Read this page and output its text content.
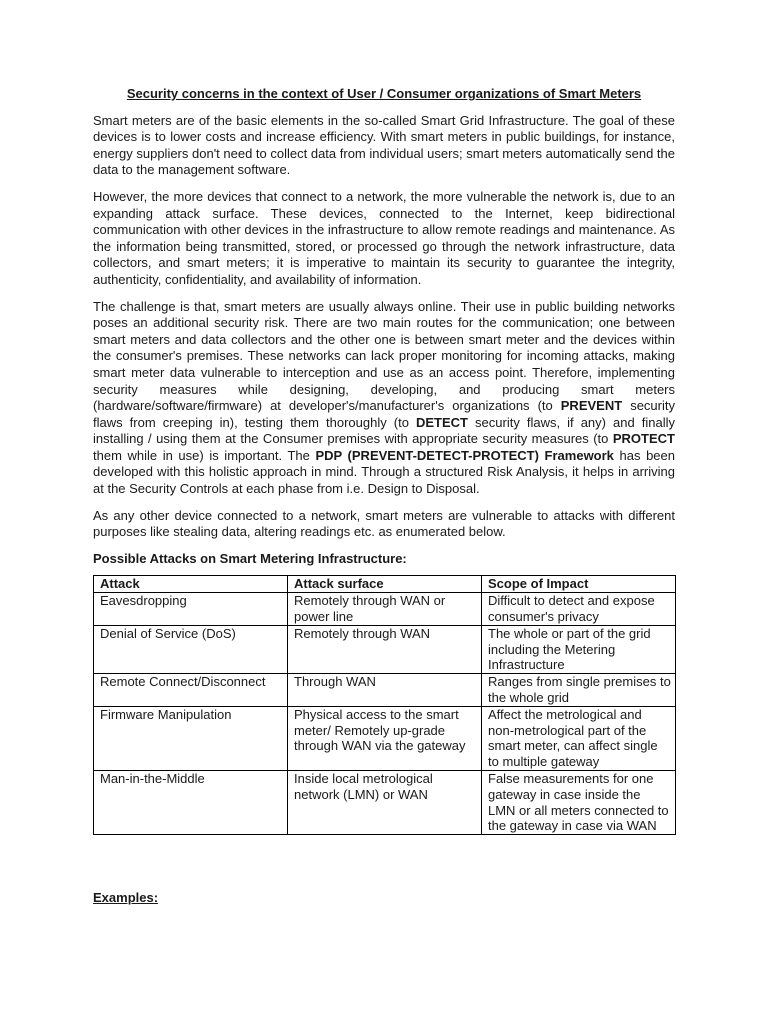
Security concerns in the context of User / Consumer organizations of Smart Meters

Smart meters are of the basic elements in the so-called Smart Grid Infrastructure. The goal of these devices is to lower costs and increase efficiency. With smart meters in public buildings, for instance, energy suppliers don't need to collect data from individual users; smart meters automatically send the data to the management software.

However, the more devices that connect to a network, the more vulnerable the network is, due to an expanding attack surface. These devices, connected to the Internet, keep bidirectional communication with other devices in the infrastructure to allow remote readings and maintenance. As the information being transmitted, stored, or processed go through the network infrastructure, data collectors, and smart meters; it is imperative to maintain its security to guarantee the integrity, authenticity, confidentiality, and availability of information.

The challenge is that, smart meters are usually always online. Their use in public building networks poses an additional security risk. There are two main routes for the communication; one between smart meters and data collectors and the other one is between smart meter and the devices within the consumer's premises. These networks can lack proper monitoring for incoming attacks, making smart meter data vulnerable to interception and use as an access point. Therefore, implementing security measures while designing, developing, and producing smart meters (hardware/software/firmware) at developer's/manufacturer's organizations (to PREVENT security flaws from creeping in), testing them thoroughly (to DETECT security flaws, if any) and finally installing / using them at the Consumer premises with appropriate security measures (to PROTECT them while in use) is important. The PDP (PREVENT-DETECT-PROTECT) Framework has been developed with this holistic approach in mind. Through a structured Risk Analysis, it helps in arriving at the Security Controls at each phase from i.e. Design to Disposal.

As any other device connected to a network, smart meters are vulnerable to attacks with different purposes like stealing data, altering readings etc. as enumerated below.

Possible Attacks on Smart Metering Infrastructure:
Attack	Attack surface	Scope of Impact
Eavesdropping	Remotely through WAN or power line	Difficult to detect and expose consumer's privacy
Denial of Service (DoS)	Remotely through WAN	The whole or part of the grid including the Metering Infrastructure
Remote Connect/Disconnect	Through WAN	Ranges from single premises to the whole grid
Firmware Manipulation	Physical access to the smart meter/ Remotely up-grade through WAN via the gateway	Affect the metrological and non-metrological part of the smart meter, can affect single to multiple gateway
Man-in-the-Middle	Inside local metrological network (LMN) or WAN	False measurements for one gateway in case inside the LMN or all meters connected to the gateway in case via WAN
Examples:
